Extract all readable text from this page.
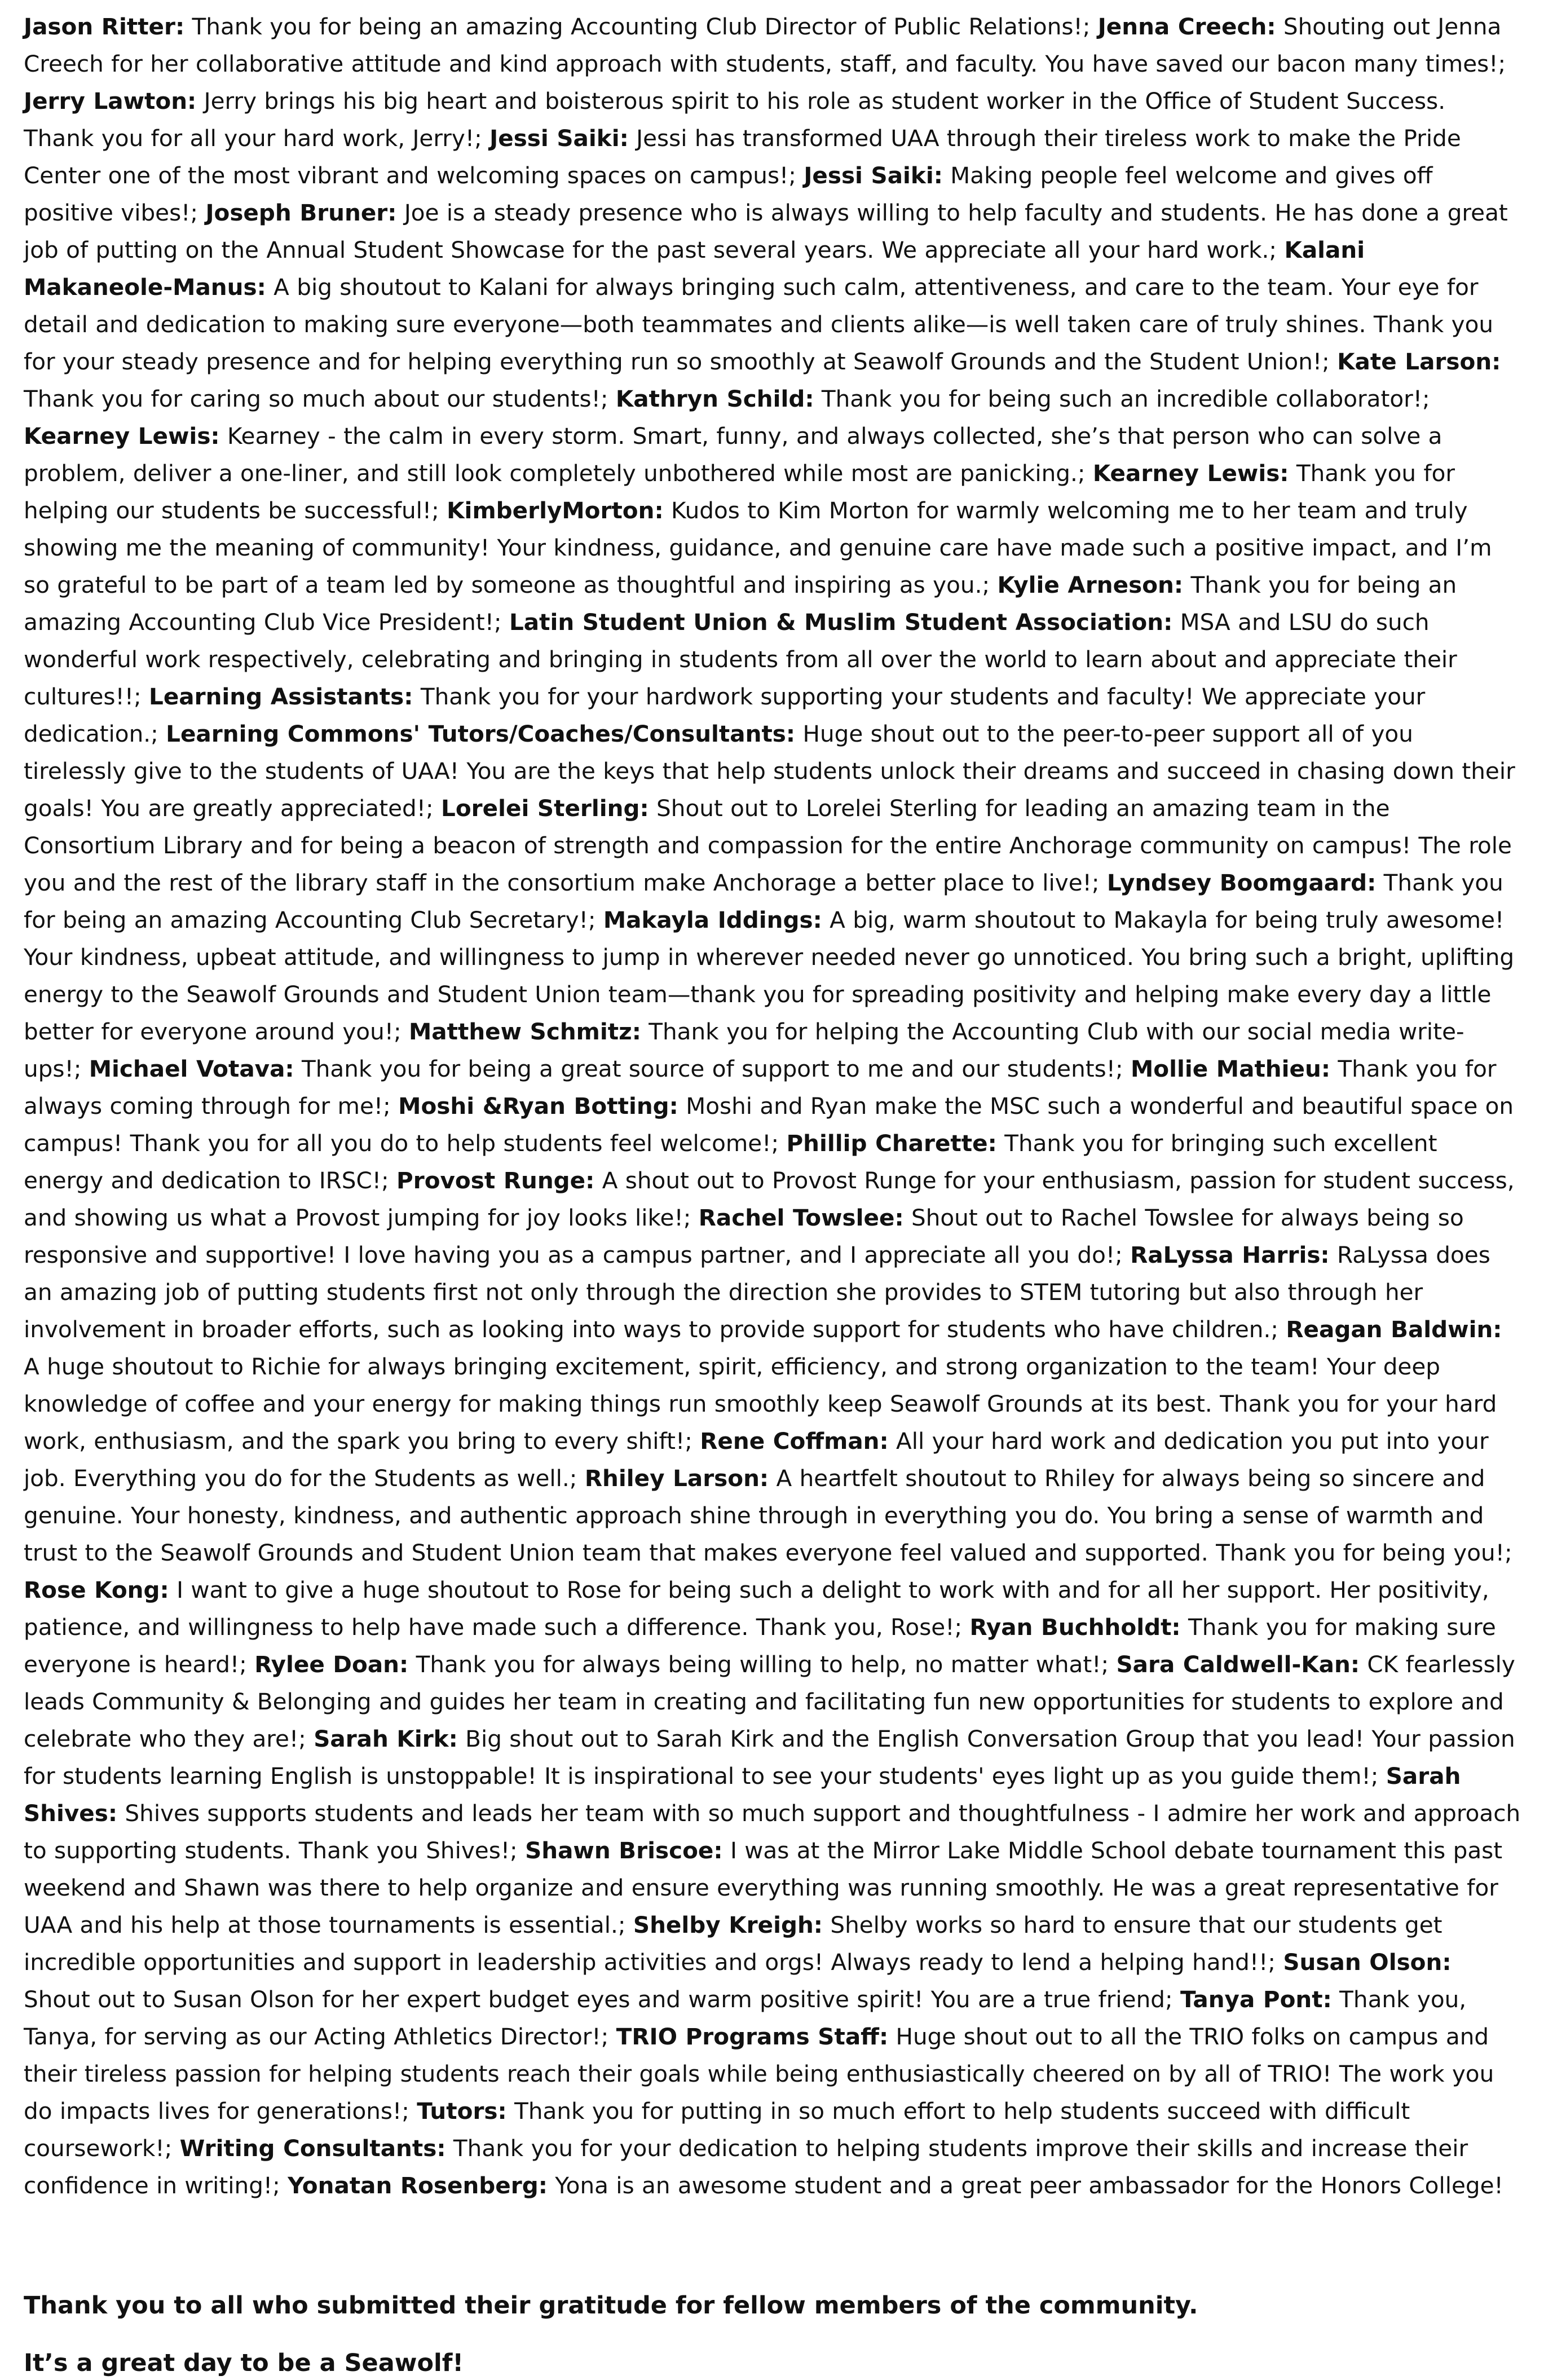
Jason Ritter: Thank you for being an amazing Accounting Club Director of Public Relations!; Jenna Creech: Shouting out Jenna Creech for her collaborative attitude and kind approach with students, staff, and faculty. You have saved our bacon many times!; Jerry Lawton: Jerry brings his big heart and boisterous spirit to his role as student worker in the Office of Student Success. Thank you for all your hard work, Jerry!; Jessi Saiki: Jessi has transformed UAA through their tireless work to make the Pride Center one of the most vibrant and welcoming spaces on campus!; Jessi Saiki: Making people feel welcome and gives off positive vibes!; Joseph Bruner: Joe is a steady presence who is always willing to help faculty and students. He has done a great job of putting on the Annual Student Showcase for the past several years. We appreciate all your hard work.; Kalani Makaneole-Manus: A big shoutout to Kalani for always bringing such calm, attentiveness, and care to the team. Your eye for detail and dedication to making sure everyone—both teammates and clients alike—is well taken care of truly shines. Thank you for your steady presence and for helping everything run so smoothly at Seawolf Grounds and the Student Union!; Kate Larson: Thank you for caring so much about our students!; Kathryn Schild: Thank you for being such an incredible collaborator!; Kearney Lewis: Kearney - the calm in every storm. Smart, funny, and always collected, she’s that person who can solve a problem, deliver a one-liner, and still look completely unbothered while most are panicking.; Kearney Lewis: Thank you for helping our students be successful!; KimberlyMorton: Kudos to Kim Morton for warmly welcoming me to her team and truly showing me the meaning of community! Your kindness, guidance, and genuine care have made such a positive impact, and I’m so grateful to be part of a team led by someone as thoughtful and inspiring as you.; Kylie Arneson: Thank you for being an amazing Accounting Club Vice President!; Latin Student Union & Muslim Student Association: MSA and LSU do such wonderful work respectively, celebrating and bringing in students from all over the world to learn about and appreciate their cultures!!; Learning Assistants: Thank you for your hardwork supporting your students and faculty! We appreciate your dedication.; Learning Commons' Tutors/Coaches/Consultants: Huge shout out to the peer-to-peer support all of you tirelessly give to the students of UAA! You are the keys that help students unlock their dreams and succeed in chasing down their goals! You are greatly appreciated!; Lorelei Sterling: Shout out to Lorelei Sterling for leading an amazing team in the Consortium Library and for being a beacon of strength and compassion for the entire Anchorage community on campus! The role you and the rest of the library staff in the consortium make Anchorage a better place to live!; Lyndsey Boomgaard: Thank you for being an amazing Accounting Club Secretary!; Makayla Iddings: A big, warm shoutout to Makayla for being truly awesome! Your kindness, upbeat attitude, and willingness to jump in wherever needed never go unnoticed. You bring such a bright, uplifting energy to the Seawolf Grounds and Student Union team—thank you for spreading positivity and helping make every day a little better for everyone around you!; Matthew Schmitz: Thank you for helping the Accounting Club with our social media write-ups!; Michael Votava: Thank you for being a great source of support to me and our students!; Mollie Mathieu: Thank you for always coming through for me!; Moshi &Ryan Botting: Moshi and Ryan make the MSC such a wonderful and beautiful space on campus! Thank you for all you do to help students feel welcome!; Phillip Charette: Thank you for bringing such excellent energy and dedication to IRSC!; Provost Runge: A shout out to Provost Runge for your enthusiasm, passion for student success, and showing us what a Provost jumping for joy looks like!; Rachel Towslee: Shout out to Rachel Towslee for always being so responsive and supportive! I love having you as a campus partner, and I appreciate all you do!; RaLyssa Harris: RaLyssa does an amazing job of putting students first not only through the direction she provides to STEM tutoring but also through her involvement in broader efforts, such as looking into ways to provide support for students who have children.; Reagan Baldwin: A huge shoutout to Richie for always bringing excitement, spirit, efficiency, and strong organization to the team! Your deep knowledge of coffee and your energy for making things run smoothly keep Seawolf Grounds at its best. Thank you for your hard work, enthusiasm, and the spark you bring to every shift!; Rene Coffman: All your hard work and dedication you put into your job. Everything you do for the Students as well.; Rhiley Larson: A heartfelt shoutout to Rhiley for always being so sincere and genuine. Your honesty, kindness, and authentic approach shine through in everything you do. You bring a sense of warmth and trust to the Seawolf Grounds and Student Union team that makes everyone feel valued and supported. Thank you for being you!; Rose Kong: I want to give a huge shoutout to Rose for being such a delight to work with and for all her support. Her positivity, patience, and willingness to help have made such a difference. Thank you, Rose!; Ryan Buchholdt: Thank you for making sure everyone is heard!; Rylee Doan: Thank you for always being willing to help, no matter what!; Sara Caldwell-Kan: CK fearlessly leads Community & Belonging and guides her team in creating and facilitating fun new opportunities for students to explore and celebrate who they are!; Sarah Kirk: Big shout out to Sarah Kirk and the English Conversation Group that you lead! Your passion for students learning English is unstoppable! It is inspirational to see your students' eyes light up as you guide them!; Sarah Shives: Shives supports students and leads her team with so much support and thoughtfulness - I admire her work and approach to supporting students. Thank you Shives!; Shawn Briscoe: I was at the Mirror Lake Middle School debate tournament this past weekend and Shawn was there to help organize and ensure everything was running smoothly. He was a great representative for UAA and his help at those tournaments is essential.; Shelby Kreigh: Shelby works so hard to ensure that our students get incredible opportunities and support in leadership activities and orgs! Always ready to lend a helping hand!!; Susan Olson: Shout out to Susan Olson for her expert budget eyes and warm positive spirit! You are a true friend; Tanya Pont: Thank you, Tanya, for serving as our Acting Athletics Director!; TRIO Programs Staff: Huge shout out to all the TRIO folks on campus and their tireless passion for helping students reach their goals while being enthusiastically cheered on by all of TRIO! The work you do impacts lives for generations!; Tutors: Thank you for putting in so much effort to help students succeed with difficult coursework!; Writing Consultants: Thank you for your dedication to helping students improve their skills and increase their confidence in writing!; Yonatan Rosenberg: Yona is an awesome student and a great peer ambassador for the Honors College!

Thank you to all who submitted their gratitude for fellow members of the community.

It’s a great day to be a Seawolf!
